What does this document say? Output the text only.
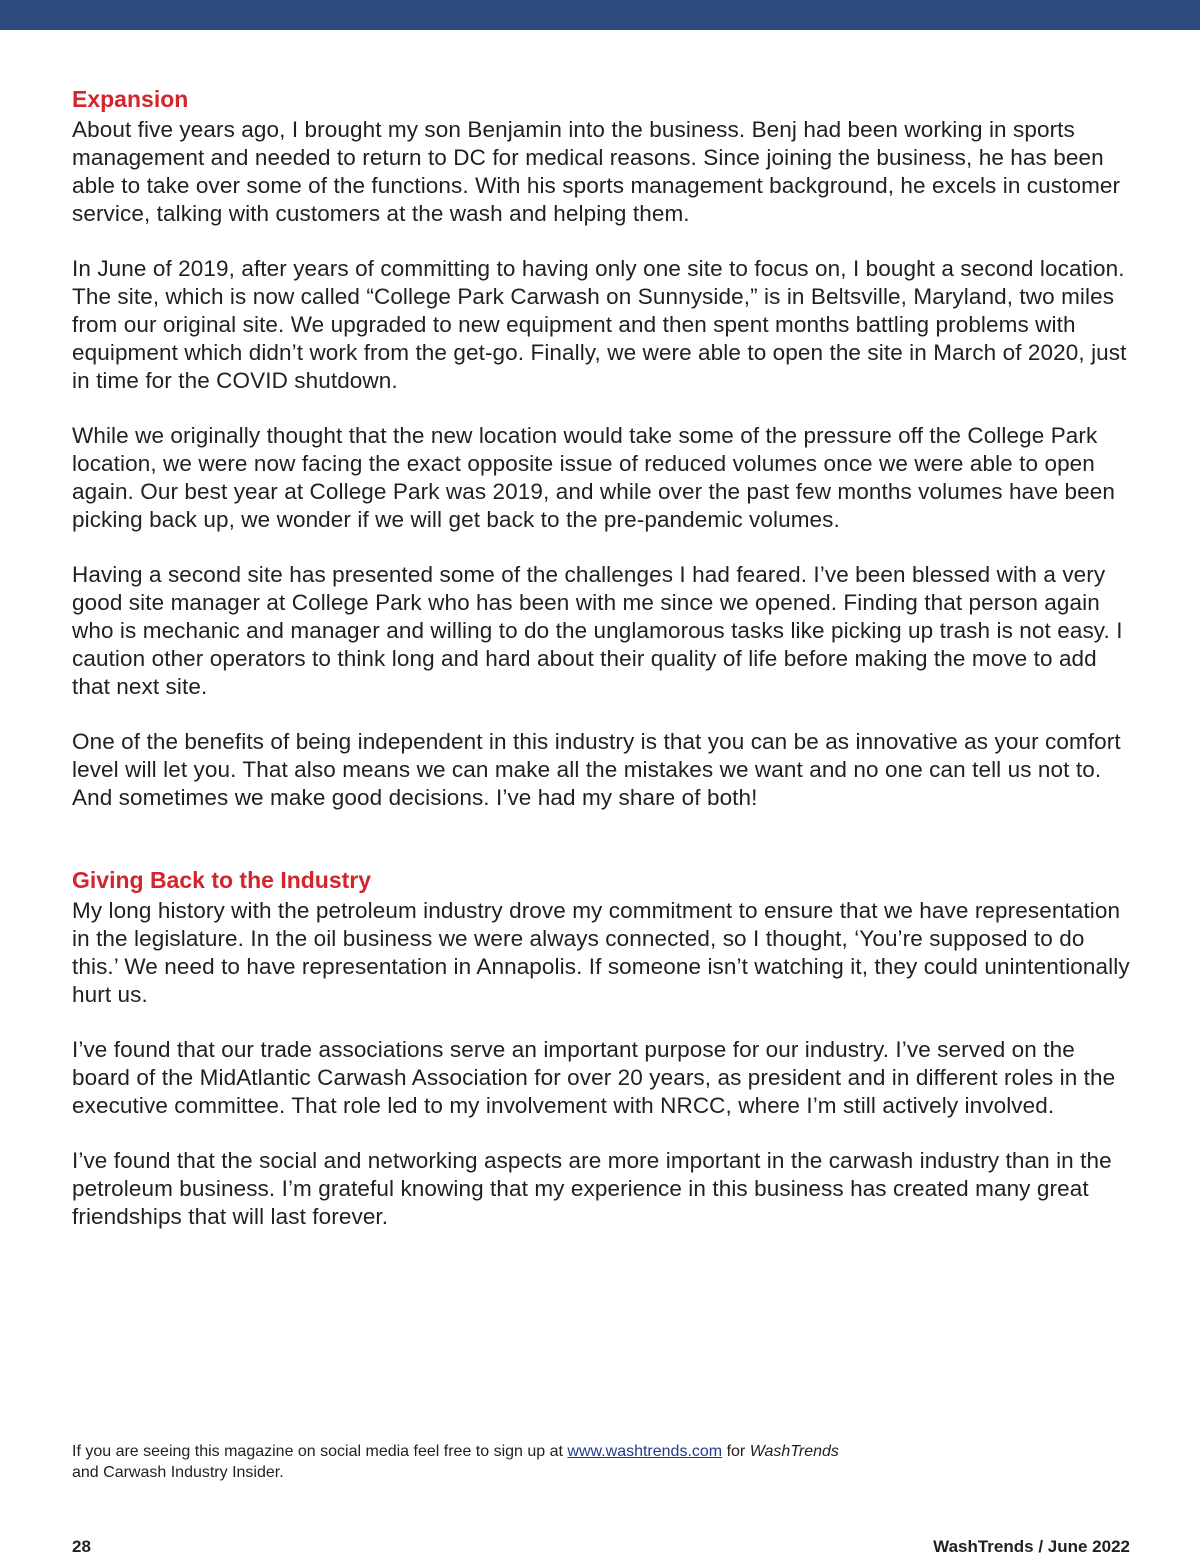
Expansion

About five years ago, I brought my son Benjamin into the business. Benj had been working in sports management and needed to return to DC for medical reasons. Since joining the business, he has been able to take over some of the functions. With his sports management background, he excels in customer service, talking with customers at the wash and helping them.

In June of 2019, after years of committing to having only one site to focus on, I bought a second location. The site, which is now called “College Park Carwash on Sunnyside,” is in Beltsville, Maryland, two miles from our original site. We upgraded to new equipment and then spent months battling problems with equipment which didn’t work from the get-go. Finally, we were able to open the site in March of 2020, just in time for the COVID shutdown.

While we originally thought that the new location would take some of the pressure off the College Park location, we were now facing the exact opposite issue of reduced volumes once we were able to open again. Our best year at College Park was 2019, and while over the past few months volumes have been picking back up, we wonder if we will get back to the pre-pandemic volumes.

Having a second site has presented some of the challenges I had feared. I’ve been blessed with a very good site manager at College Park who has been with me since we opened. Finding that person again who is mechanic and manager and willing to do the unglamorous tasks like picking up trash is not easy. I caution other operators to think long and hard about their quality of life before making the move to add that next site.

One of the benefits of being independent in this industry is that you can be as innovative as your comfort level will let you. That also means we can make all the mistakes we want and no one can tell us not to. And sometimes we make good decisions. I’ve had my share of both!

Giving Back to the Industry

My long history with the petroleum industry drove my commitment to ensure that we have representation in the legislature. In the oil business we were always connected, so I thought, ‘You’re supposed to do this.’ We need to have representation in Annapolis. If someone isn’t watching it, they could unintentionally hurt us.

I’ve found that our trade associations serve an important purpose for our industry. I’ve served on the board of the MidAtlantic Carwash Association for over 20 years, as president and in different roles in the executive committee. That role led to my involvement with NRCC, where I’m still actively involved.

I’ve found that the social and networking aspects are more important in the carwash industry than in the petroleum business. I’m grateful knowing that my experience in this business has created many great friendships that will last forever.

If you are seeing this magazine on social media feel free to sign up at www.washtrends.com for WashTrends
and Carwash Industry Insider.
28	WashTrends / June 2022
